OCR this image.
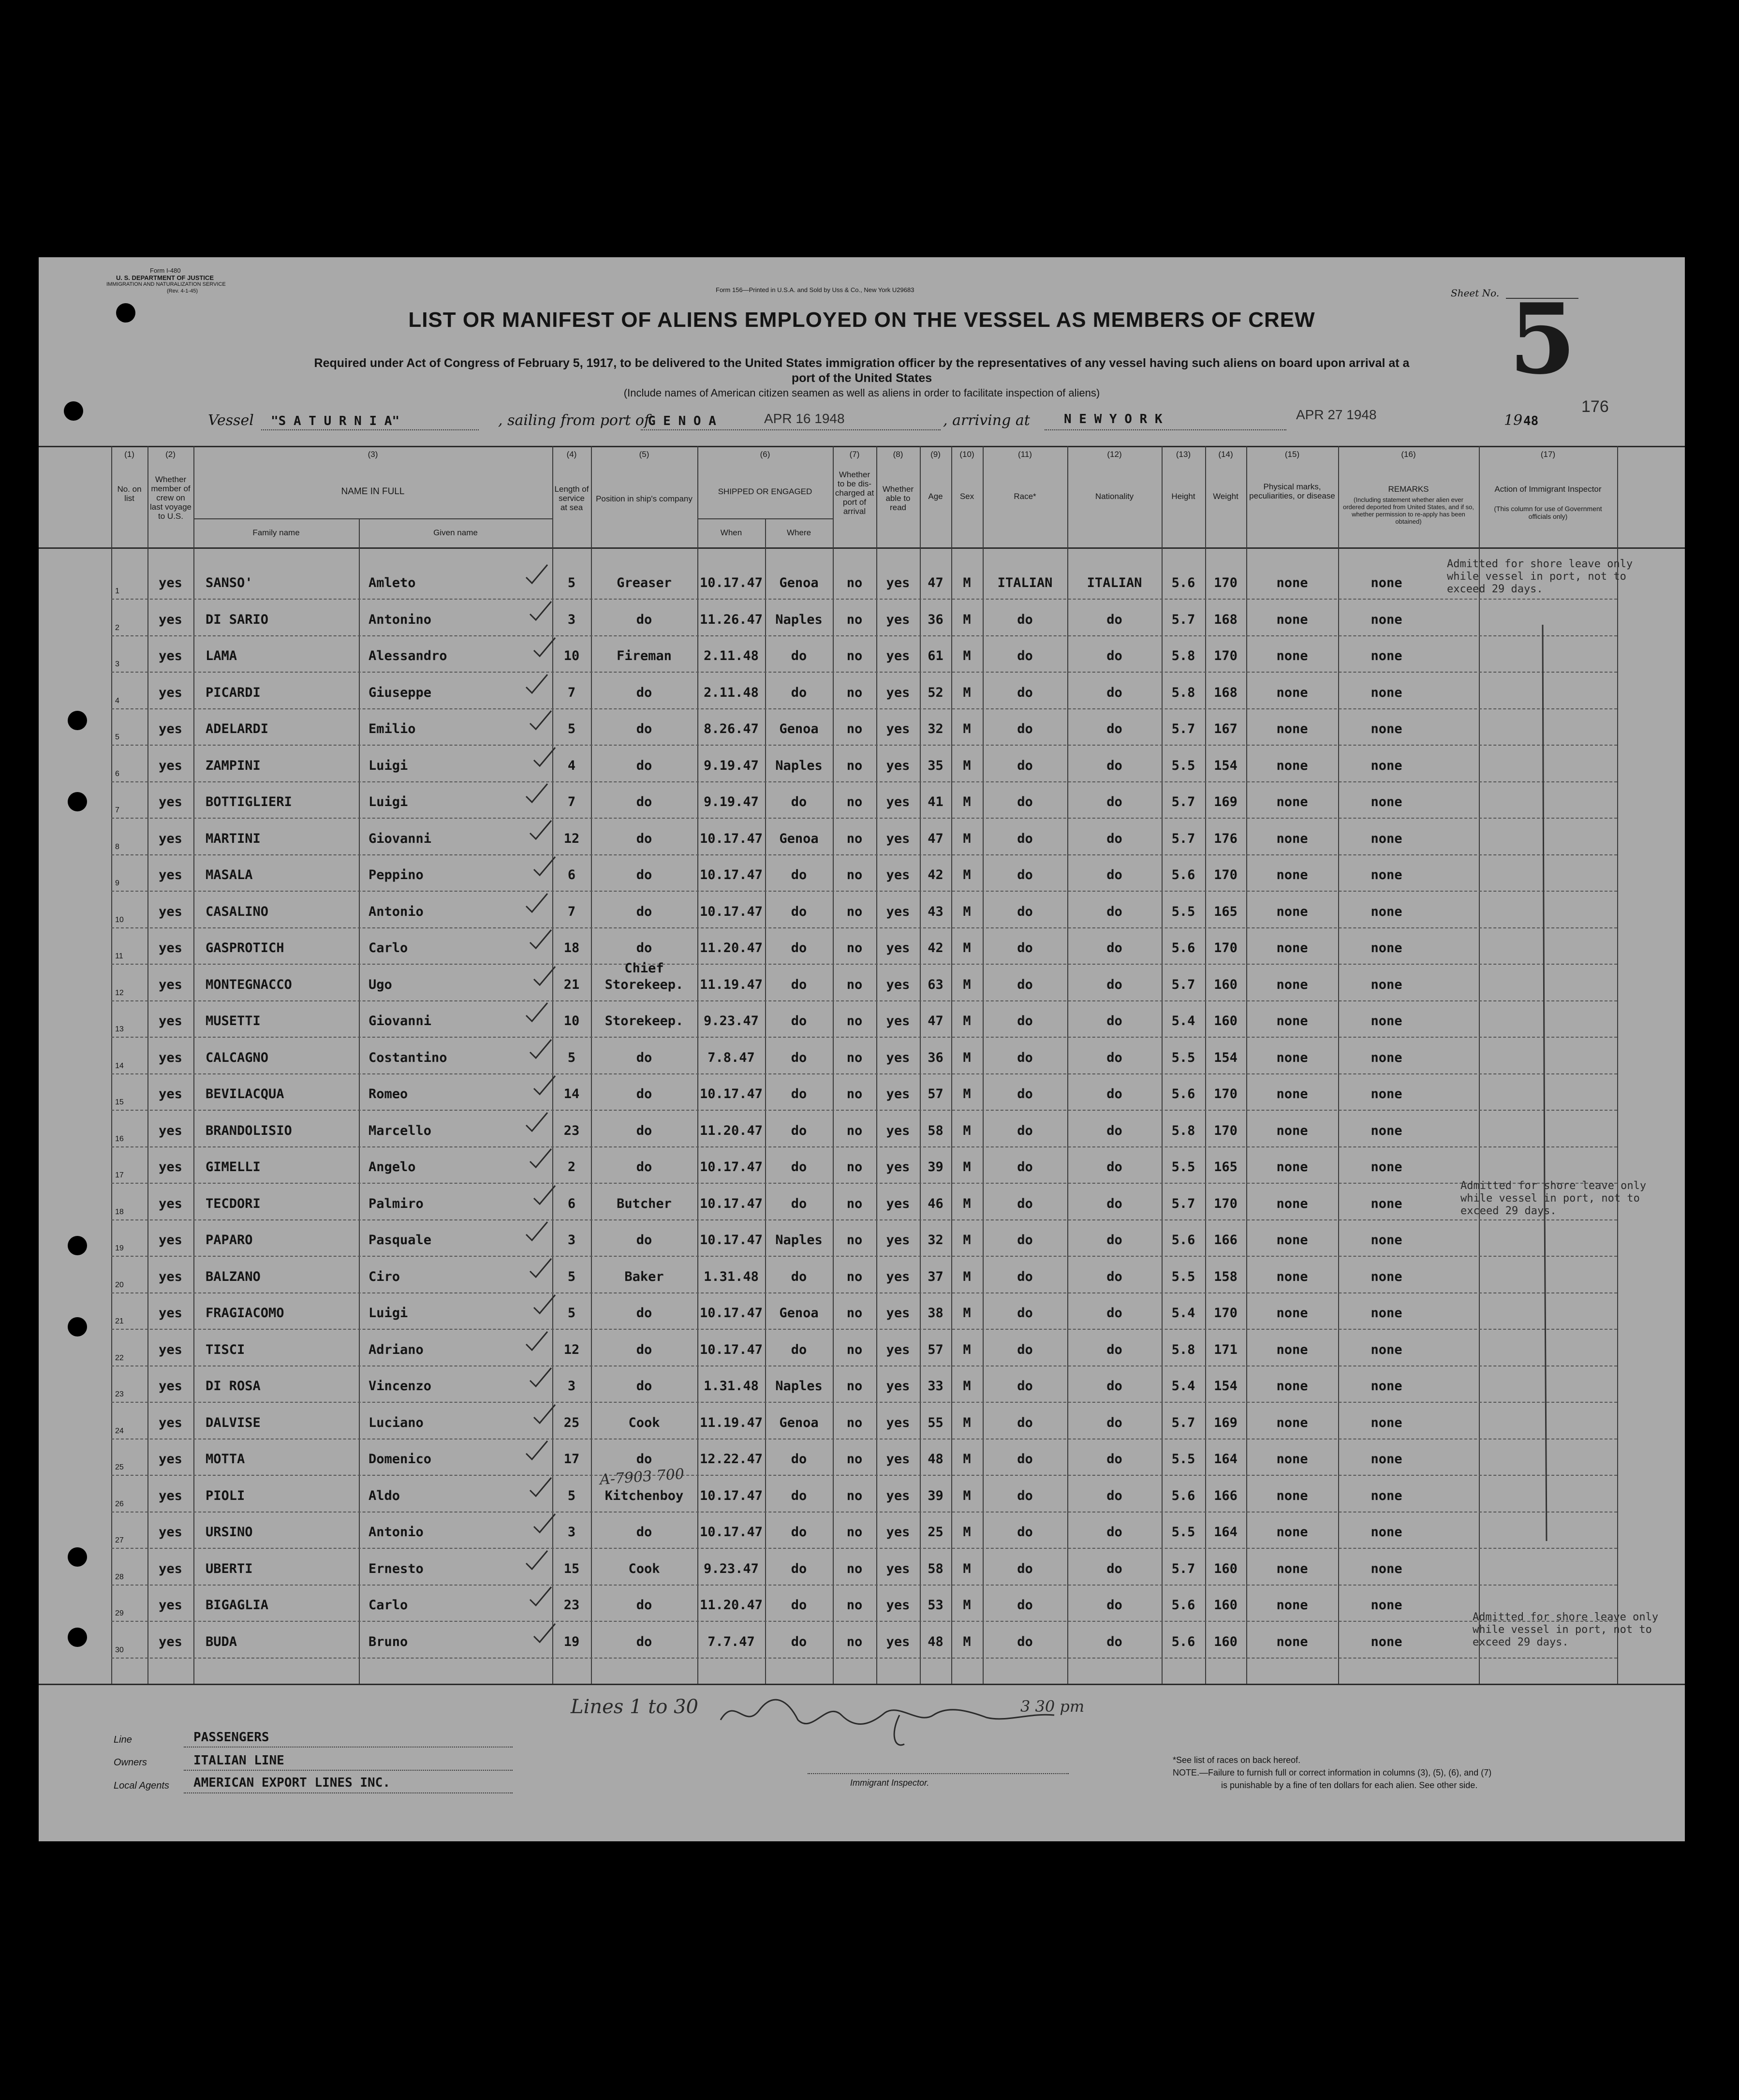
Form I-480
U. S. DEPARTMENT OF JUSTICE
IMMIGRATION AND NATURALIZATION SERVICE
(Rev. 4-1-45)	Form 156—Printed in U.S.A. and Sold by Uss & Co., New York U29683	Sheet No. 5
LIST OR MANIFEST OF ALIENS EMPLOYED ON THE VESSEL AS MEMBERS OF CREW
Required under Act of Congress of February 5, 1917, to be delivered to the United States immigration officer by the representatives of any vessel having such aliens on board upon arrival at a
port of the United States
(Include names of American citizen seamen as well as aliens in order to facilitate inspection of aliens)
176
Vessel "S A T U R N I A"	, sailing from port of
G E N O A	APR 16 1948	, arriving at	N E W Y O R K	APR 27 1948	19 48
(1)	(2)	(3)	(4)	(5)	(6)	(7)	(8)	(9)	(10)	(11)	(12)	(13)	(14)	(15)	(16)	(17)
No. on list
Whether member of crew on last voyage to U.S.
NAME IN FULL
Family name	Given name
Length of service at sea
Position in ship's company
SHIPPED OR ENGAGED
When	Where
Whether to be dis- charged at port of arrival
Whether able to read
Age	Sex	Race*	Nationality	Height	Weight
Physical marks, peculiarities, or disease
REMARKS
(Including statement whether alien ever ordered deported from United States, and if so, whether permission to re-apply has been obtained)
Action of Immigrant Inspector
(This column for use of Government officials only)
1
yes	SANSO'	Amleto	5	Greaser	10.17.47	Genoa	no	yes	47	M	ITALIAN	ITALIAN	5.6	170	none	none
2
yes	DI SARIO	Antonino	3	do	11.26.47 Naples	no	yes	36	M	do	do	5.7	168	none	none
3
yes	LAMA	Alessandro	10	Fireman	2.11.48	do	no	yes	61	M	do	do	5.8	170	none	none
4
yes	PICARDI	Giuseppe	7	do	2.11.48	do	no	yes	52	M	do	do	5.8	168	none	none
5
yes	ADELARDI	Emilio	5	do	8.26.47	Genoa	no	yes	32	M	do	do	5.7	167	none	none
6
yes	ZAMPINI	Luigi	4	do	9.19.47	Naples	no	yes	35	M	do	do	5.5	154	none	none
7
yes	BOTTIGLIERI	Luigi	7	do	9.19.47	do	no	yes	41	M	do	do	5.7	169	none	none
8
yes	MARTINI	Giovanni	12	do	10.17.47	Genoa	no	yes	47	M	do	do	5.7	176	none	none
9
yes	MASALA	Peppino	6	do	10.17.47	do	no	yes	42	M	do	do	5.6	170	none	none
10
yes	CASALINO	Antonio	7	do	10.17.47	do	no	yes	43	M	do	do	5.5	165	none	none
11
yes	GASPROTICH	Carlo	18	do	11.20.47	do	no	yes	42	M	do	do	5.6	170	none	none
12
yes	MONTEGNACCO	Ugo	21	Storekeep.	11.19.47	do	no	yes	63	M	do	do	5.7	160	none	none
Chief
13
yes	MUSETTI	Giovanni	10	Storekeep.	9.23.47	do	no	yes	47	M	do	do	5.4	160	none	none
14
yes	CALCAGNO	Costantino	5	do	7.8.47	do	no	yes	36	M	do	do	5.5	154	none	none
15
yes	BEVILACQUA	Romeo	14	do	10.17.47	do	no	yes	57	M	do	do	5.6	170	none	none
16
yes	BRANDOLISIO	Marcello	23	do	11.20.47	do	no	yes	58	M	do	do	5.8	170	none	none
17
yes	GIMELLI	Angelo	2	do	10.17.47	do	no	yes	39	M	do	do	5.5	165	none	none
18
yes	TECDORI	Palmiro	6	Butcher	10.17.47	do	no	yes	46	M	do	do	5.7	170	none	none
19
yes	PAPARO	Pasquale	3	do	10.17.47 Naples	no	yes	32	M	do	do	5.6	166	none	none
20
yes	BALZANO	Ciro	5	Baker	1.31.48	do	no	yes	37	M	do	do	5.5	158	none	none
21
yes	FRAGIACOMO	Luigi	5	do	10.17.47	Genoa	no	yes	38	M	do	do	5.4	170	none	none
22
yes	TISCI	Adriano	12	do	10.17.47	do	no	yes	57	M	do	do	5.8	171	none	none
23
yes	DI ROSA	Vincenzo	3	do	1.31.48	Naples	no	yes	33	M	do	do	5.4	154	none	none
24
yes	DALVISE	Luciano	25	Cook	11.19.47	Genoa	no	yes	55	M	do	do	5.7	169	none	none
25
yes	MOTTA	Domenico	17	do	12.22.47	do	no	yes	48	M	do	do	5.5	164	none	none
26
yes	PIOLI	Aldo	5	Kitchenboy	10.17.47	do	no	yes	39	M	do	do	5.6	166	none	none
27
yes	URSINO	Antonio	3	do	10.17.47	do	no	yes	25	M	do	do	5.5	164	none	none
28
yes	UBERTI	Ernesto	15	Cook	9.23.47	do	no	yes	58	M	do	do	5.7	160	none	none
29
yes	BIGAGLIA	Carlo	23	do	11.20.47	do	no	yes	53	M	do	do	5.6	160	none	none
30
yes	BUDA	Bruno	19	do	7.7.47	do	no	yes	48	M	do	do	5.6	160	none	none
A-7903 700
Admitted for shore leave only
while vessel in port, not to
exceed 29 days.
Admitted for shore leave only
while vessel in port, not to
exceed 29 days.
Admitted for shore leave only
while vessel in port, not to
exceed 29 days.
Lines 1 to 30	3 30 pm
Line	PASSENGERS
Owners	ITALIAN LINE
Local Agents AMERICAN EXPORT LINES INC.	Immigrant Inspector.
*See list of races on back hereof.
NOTE.—Failure to furnish full or correct information in columns (3), (5), (6), and (7)
is punishable by a fine of ten dollars for each alien. See other side.
